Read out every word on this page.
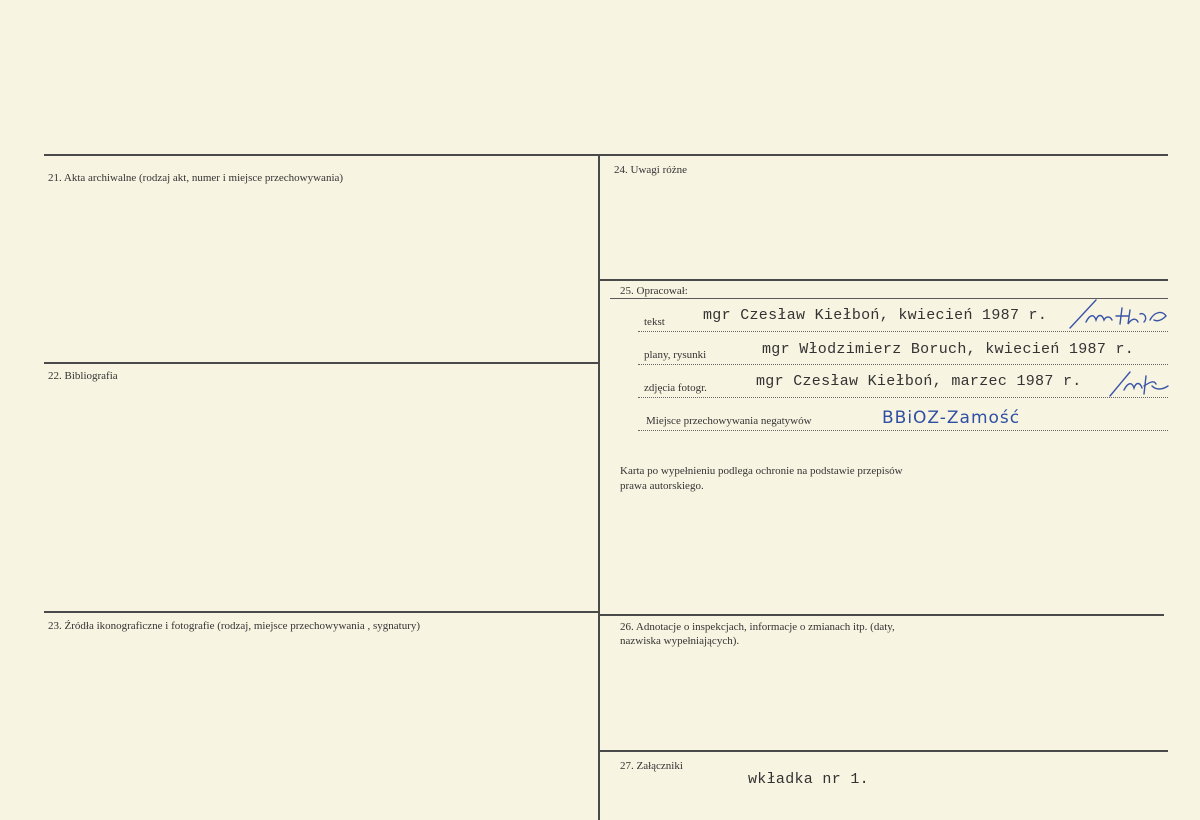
21. Akta archiwalne (rodzaj akt, numer i miejsce przechowywania)
22. Bibliografia
23. Źródła ikonograficzne i fotografie (rodzaj, miejsce przechowywania , sygnatury)
24. Uwagi różne
25. Opracował:
tekst	mgr Czesław Kiełboń, kwiecień 1987 r.
plany, rysunki	mgr Włodzimierz Boruch, kwiecień 1987 r.
zdjęcia fotogr.	mgr Czesław Kiełboń, marzec 1987 r.
Miejsce przechowywania negatywów	BBiOZ-Zamość
Karta po wypełnieniu podlega ochronie na podstawie przepisów
prawa autorskiego.
26. Adnotacje o inspekcjach, informacje o zmianach itp. (daty,
nazwiska wypełniających).
27. Załączniki
wkładka nr 1.
